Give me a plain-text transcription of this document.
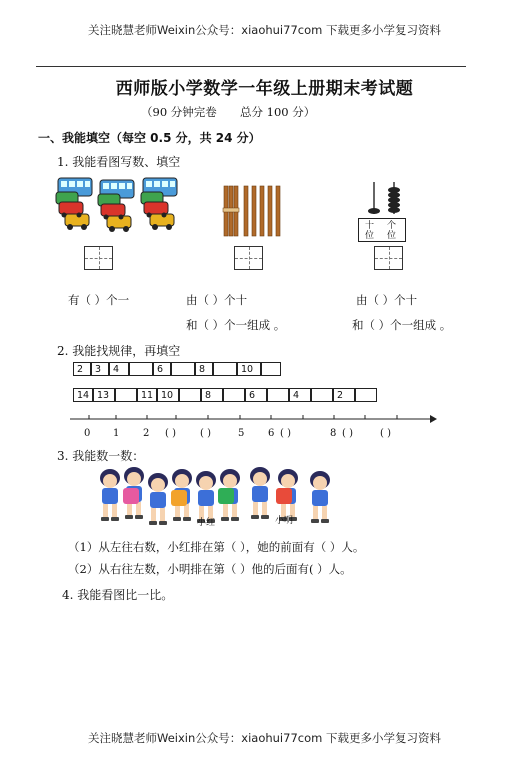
关注晓慧老师Weixin公众号：xiaohui77com 下载更多小学复习资料
西师版小学数学一年级上册期末考试题
（90 分钟完卷 总分 100 分）
一、我能填空（每空 0.5 分，共 24 分）
1. 我能看图写数、填空
十位
个位
有（ ）个一	由（ ）个十	由（ ）个十
和（ ）个一组成 。	和（ ）个一组成 。
2. 我能找规律，再填空
2	3	4	6	8	10
14 13	11 10	8	6	4	2
0 1 2 ( ) ( )	5 6 ( )	8 ( )	( )
3. 我能数一数：
小红	小明
（1）从左往右数，小红排在第（ ），她的前面有（ ）人。
（2）从右往左数，小明排在第（ ）他的后面有( ）人。
4. 我能看图比一比。
关注晓慧老师Weixin公众号：xiaohui77com 下载更多小学复习资料
